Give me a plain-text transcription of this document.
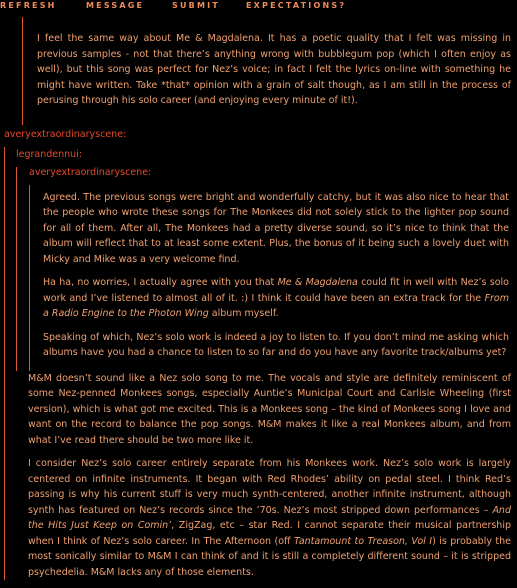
REFRESH	MESSAGE	SUBMIT	EXPECTATIONS?

I feel the same way about Me & Magdalena. It has a poetic quality that I felt was missing in previous samples - not that there’s anything wrong with bubblegum pop (which I often enjoy as well), but this song was perfect for Nez’s voice; in fact I felt the lyrics on-line with something he might have written. Take *that* opinion with a grain of salt though, as I am still in the process of perusing through his solo career (and enjoying every minute of it!).

averyextraordinaryscene:
legrandennui:
averyextraordinaryscene:

Agreed. The previous songs were bright and wonderfully catchy, but it was also nice to hear that the people who wrote these songs for The Monkees did not solely stick to the lighter pop sound for all of them. After all, The Monkees had a pretty diverse sound, so it’s nice to think that the album will reflect that to at least some extent. Plus, the bonus of it being such a lovely duet with Micky and Mike was a very welcome find.

Ha ha, no worries, I actually agree with you that Me & Magdalena could fit in well with Nez’s solo work and I’ve listened to almost all of it. :) I think it could have been an extra track for the From a Radio Engine to the Photon Wing album myself.

Speaking of which, Nez’s solo work is indeed a joy to listen to. If you don’t mind me asking which albums have you had a chance to listen to so far and do you have any favorite track/albums yet?

M&M doesn’t sound like a Nez solo song to me. The vocals and style are definitely reminiscent of some Nez-penned Monkees songs, especially Auntie’s Municipal Court and Carlisle Wheeling (first version), which is what got me excited. This is a Monkees song – the kind of Monkees song I love and want on the record to balance the pop songs. M&M makes it like a real Monkees album, and from what I’ve read there should be two more like it.

I consider Nez’s solo career entirely separate from his Monkees work. Nez’s solo work is largely centered on infinite instruments. It began with Red Rhodes’ ability on pedal steel. I think Red’s passing is why his current stuff is very much synth-centered, another infinite instrument, although synth has featured on Nez’s records since the ’70s. Nez’s most stripped down performances – And the Hits Just Keep on Comin’, ZigZag, etc – star Red. I cannot separate their musical partnership when I think of Nez’s solo career. In The Afternoon (off Tantamount to Treason, Vol I) is probably the most sonically similar to M&M I can think of and it is still a completely different sound – it is stripped psychedelia. M&M lacks any of those elements.
